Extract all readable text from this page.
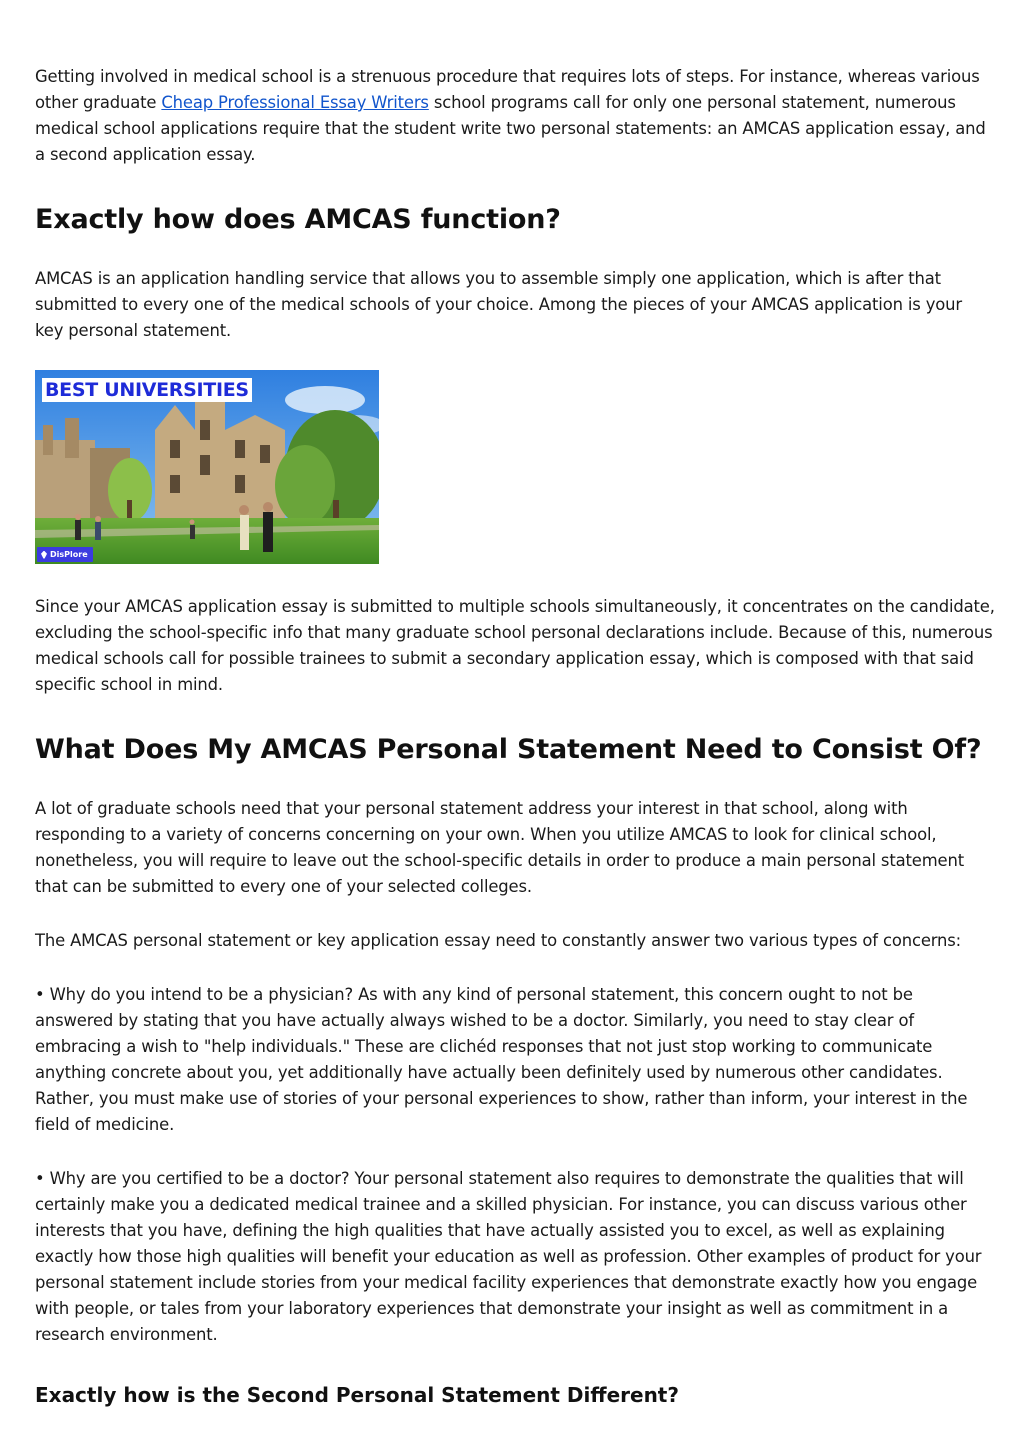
Getting involved in medical school is a strenuous procedure that requires lots of steps. For instance, whereas various other graduate Cheap Professional Essay Writers school programs call for only one personal statement, numerous medical school applications require that the student write two personal statements: an AMCAS application essay, and a second application essay.

Exactly how does AMCAS function?

AMCAS is an application handling service that allows you to assemble simply one application, which is after that submitted to every one of the medical schools of your choice. Among the pieces of your AMCAS application is your key personal statement.

BEST UNIVERSITIES
DisPlore

Since your AMCAS application essay is submitted to multiple schools simultaneously, it concentrates on the candidate, excluding the school-specific info that many graduate school personal declarations include. Because of this, numerous medical schools call for possible trainees to submit a secondary application essay, which is composed with that said specific school in mind.

What Does My AMCAS Personal Statement Need to Consist Of?

A lot of graduate schools need that your personal statement address your interest in that school, along with responding to a variety of concerns concerning on your own. When you utilize AMCAS to look for clinical school, nonetheless, you will require to leave out the school-specific details in order to produce a main personal statement that can be submitted to every one of your selected colleges.

The AMCAS personal statement or key application essay need to constantly answer two various types of concerns:

• Why do you intend to be a physician? As with any kind of personal statement, this concern ought to not be answered by stating that you have actually always wished to be a doctor. Similarly, you need to stay clear of embracing a wish to "help individuals." These are clichéd responses that not just stop working to communicate anything concrete about you, yet additionally have actually been definitely used by numerous other candidates. Rather, you must make use of stories of your personal experiences to show, rather than inform, your interest in the field of medicine.

• Why are you certified to be a doctor? Your personal statement also requires to demonstrate the qualities that will certainly make you a dedicated medical trainee and a skilled physician. For instance, you can discuss various other interests that you have, defining the high qualities that have actually assisted you to excel, as well as explaining exactly how those high qualities will benefit your education as well as profession. Other examples of product for your personal statement include stories from your medical facility experiences that demonstrate exactly how you engage with people, or tales from your laboratory experiences that demonstrate your insight as well as commitment in a research environment.

Exactly how is the Second Personal Statement Different?
